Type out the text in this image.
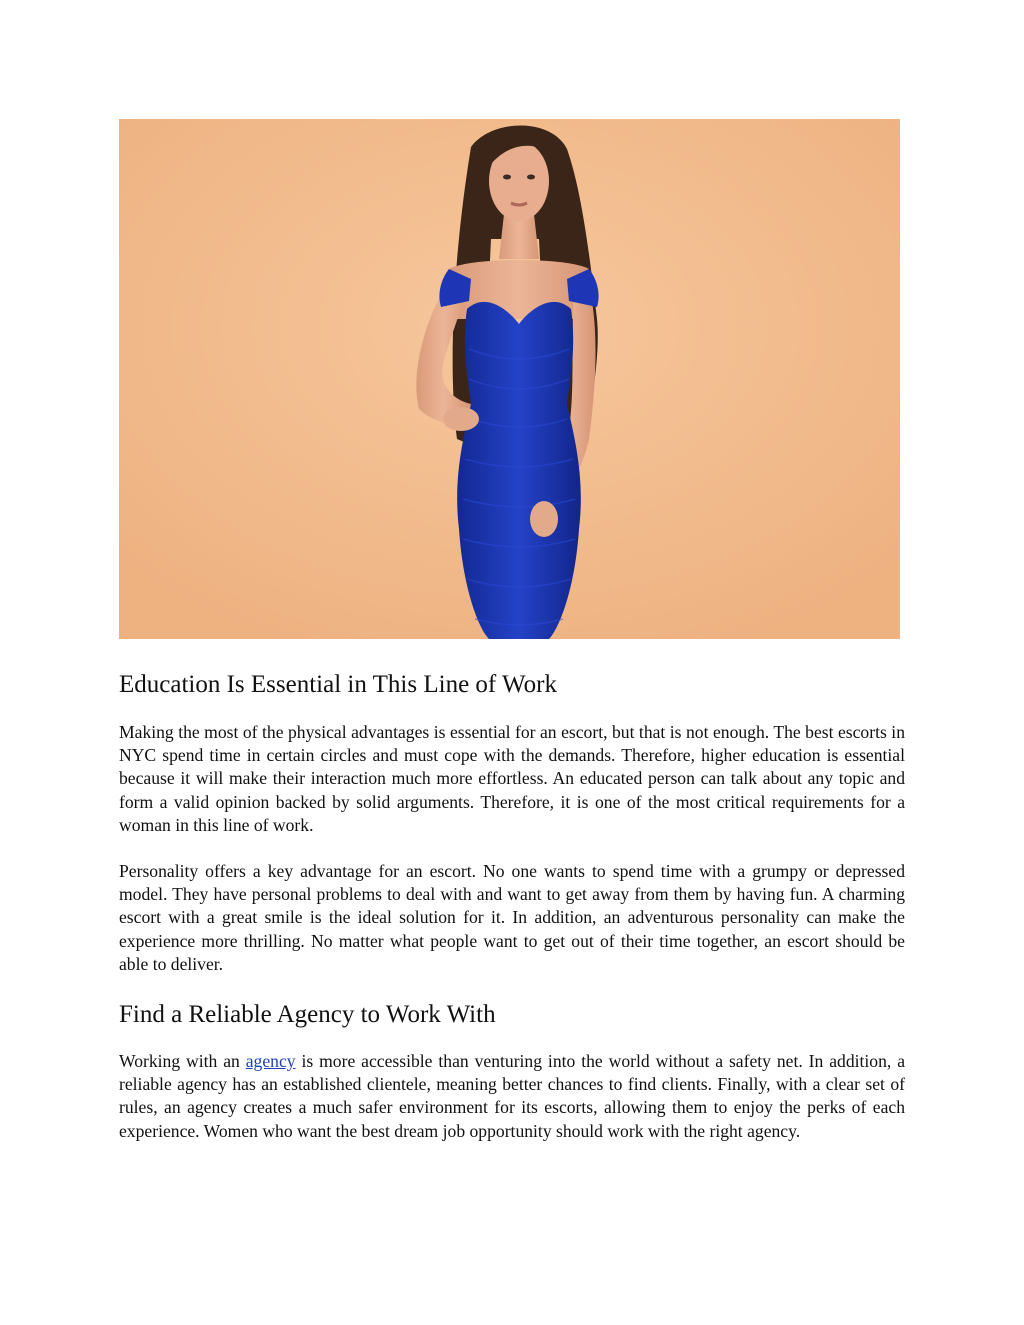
Education Is Essential in This Line of Work

Making the most of the physical advantages is essential for an escort, but that is not enough. The best escorts in NYC spend time in certain circles and must cope with the demands. Therefore, higher education is essential because it will make their interaction much more effortless. An educated person can talk about any topic and form a valid opinion backed by solid arguments. Therefore, it is one of the most critical requirements for a woman in this line of work.

Personality offers a key advantage for an escort. No one wants to spend time with a grumpy or depressed model. They have personal problems to deal with and want to get away from them by having fun. A charming escort with a great smile is the ideal solution for it. In addition, an adventurous personality can make the experience more thrilling. No matter what people want to get out of their time together, an escort should be able to deliver.

Find a Reliable Agency to Work With

Working with an agency is more accessible than venturing into the world without a safety net. In addition, a reliable agency has an established clientele, meaning better chances to find clients. Finally, with a clear set of rules, an agency creates a much safer environment for its escorts, allowing them to enjoy the perks of each experience. Women who want the best dream job opportunity should work with the right agency.
